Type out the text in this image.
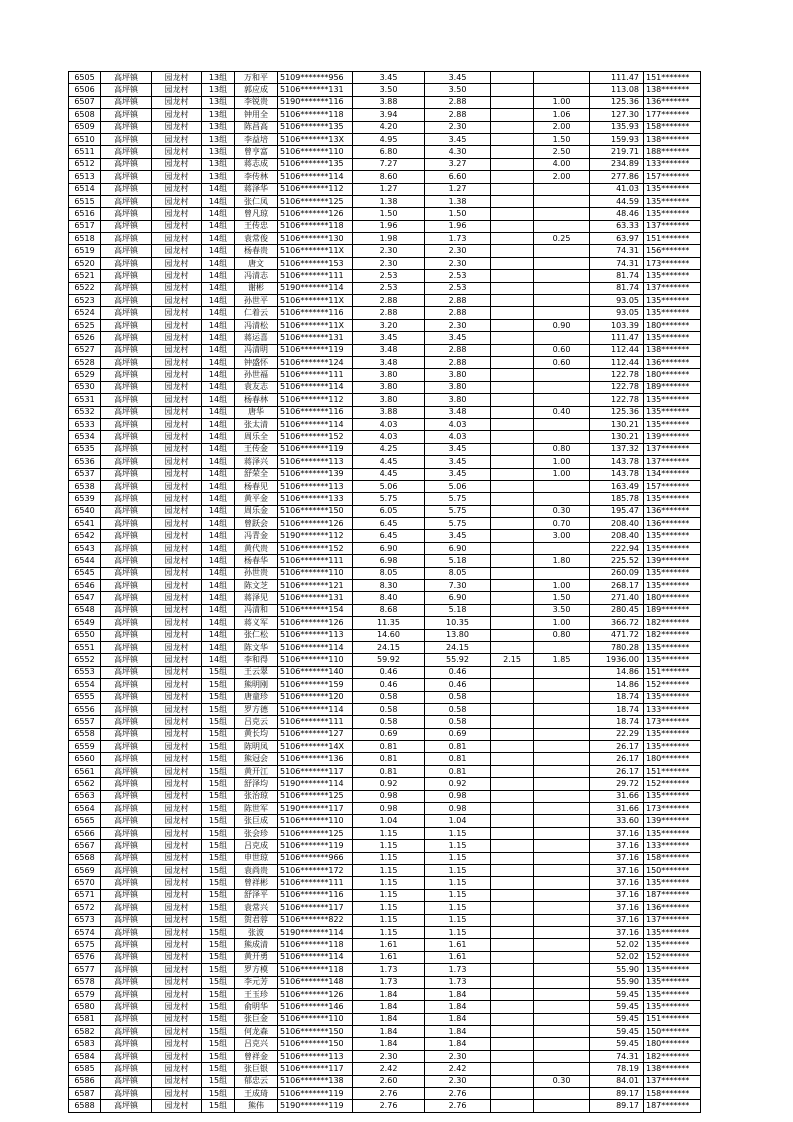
6505	高坪镇	园龙村	13组	万和平	5109*******956	3.45	3.45			111.47	151*******
6506	高坪镇	园龙村	13组	郭应成	5106*******131	3.50	3.50			113.08	138*******
6507	高坪镇	园龙村	13组	李锐贵	5190*******116	3.88	2.88		1.00	125.36	136*******
6508	高坪镇	园龙村	13组	钟用全	5106*******118	3.94	2.88		1.06	127.30	177*******
6509	高坪镇	园龙村	13组	陈昌高	5106*******135	4.20	2.30		2.00	135.93	158*******
6510	高坪镇	园龙村	13组	李益培	5106*******13X	4.95	3.45		1.50	159.93	138*******
6511	高坪镇	园龙村	13组	曾亨富	5106*******110	6.80	4.30		2.50	219.71	188*******
6512	高坪镇	园龙村	13组	蒋志成	5106*******135	7.27	3.27		4.00	234.89	133*******
6513	高坪镇	园龙村	13组	李传林	5106*******114	8.60	6.60		2.00	277.86	157*******
6514	高坪镇	园龙村	14组	蒋泽华	5106*******112	1.27	1.27			41.03	135*******
6515	高坪镇	园龙村	14组	张仁凤	5106*******125	1.38	1.38			44.59	135*******
6516	高坪镇	园龙村	14组	曾凡琼	5106*******126	1.50	1.50			48.46	135*******
6517	高坪镇	园龙村	14组	王传忠	5106*******118	1.96	1.96			63.33	137*******
6518	高坪镇	园龙村	14组	袁常俊	5106*******130	1.98	1.73		0.25	63.97	151*******
6519	高坪镇	园龙村	14组	杨春贵	5106*******11X	2.30	2.30			74.31	156*******
6520	高坪镇	园龙村	14组	唐文	5106*******153	2.30	2.30			74.31	173*******
6521	高坪镇	园龙村	14组	冯清志	5106*******111	2.53	2.53			81.74	135*******
6522	高坪镇	园龙村	14组	谢彬	5190*******114	2.53	2.53			81.74	137*******
6523	高坪镇	园龙村	14组	孙世平	5106*******11X	2.88	2.88			93.05	135*******
6524	高坪镇	园龙村	14组	仁着云	5106*******116	2.88	2.88			93.05	135*******
6525	高坪镇	园龙村	14组	冯清松	5106*******11X	3.20	2.30		0.90	103.39	180*******
6526	高坪镇	园龙村	14组	蒋运喜	5106*******131	3.45	3.45			111.47	135*******
6527	高坪镇	园龙村	14组	冯清明	5106*******119	3.48	2.88		0.60	112.44	138*******
6528	高坪镇	园龙村	14组	钟盛怀	5106*******124	3.48	2.88		0.60	112.44	136*******
6529	高坪镇	园龙村	14组	孙世福	5106*******111	3.80	3.80			122.78	180*******
6530	高坪镇	园龙村	14组	袁友志	5106*******114	3.80	3.80			122.78	189*******
6531	高坪镇	园龙村	14组	杨春林	5106*******112	3.80	3.80			122.78	135*******
6532	高坪镇	园龙村	14组	唐华	5106*******116	3.88	3.48		0.40	125.36	135*******
6533	高坪镇	园龙村	14组	张太清	5106*******114	4.03	4.03			130.21	135*******
6534	高坪镇	园龙村	14组	周乐全	5106*******152	4.03	4.03			130.21	139*******
6535	高坪镇	园龙村	14组	王传金	5106*******119	4.25	3.45		0.80	137.32	137*******
6536	高坪镇	园龙村	14组	蒋泽兴	5106*******113	4.45	3.45		1.00	143.78	137*******
6537	高坪镇	园龙村	14组	舒荣全	5106*******139	4.45	3.45		1.00	143.78	134*******
6538	高坪镇	园龙村	14组	杨春见	5106*******113	5.06	5.06			163.49	157*******
6539	高坪镇	园龙村	14组	黄平金	5106*******133	5.75	5.75			185.78	135*******
6540	高坪镇	园龙村	14组	周乐金	5106*******150	6.05	5.75		0.30	195.47	136*******
6541	高坪镇	园龙村	14组	曾跃会	5106*******126	6.45	5.75		0.70	208.40	136*******
6542	高坪镇	园龙村	14组	冯青金	5190*******112	6.45	3.45		3.00	208.40	135*******
6543	高坪镇	园龙村	14组	黄代贵	5106*******152	6.90	6.90			222.94	135*******
6544	高坪镇	园龙村	14组	杨春华	5106*******111	6.98	5.18		1.80	225.52	139*******
6545	高坪镇	园龙村	14组	孙世贵	5106*******110	8.05	8.05			260.09	135*******
6546	高坪镇	园龙村	14组	陈文芝	5106*******121	8.30	7.30		1.00	268.17	135*******
6547	高坪镇	园龙村	14组	蒋泽见	5106*******131	8.40	6.90		1.50	271.40	180*******
6548	高坪镇	园龙村	14组	冯清和	5106*******154	8.68	5.18		3.50	280.45	189*******
6549	高坪镇	园龙村	14组	蒋义军	5106*******126	11.35	10.35		1.00	366.72	182*******
6550	高坪镇	园龙村	14组	张仁松	5106*******113	14.60	13.80		0.80	471.72	182*******
6551	高坪镇	园龙村	14组	陈文华	5106*******114	24.15	24.15			780.28	135*******
6552	高坪镇	园龙村	14组	李和得	5106*******110	59.92	55.92	2.15	1.85	1936.00	135*******
6553	高坪镇	园龙村	15组	王云翠	5106*******140	0.46	0.46			14.86	151*******
6554	高坪镇	园龙村	15组	熊明刚	5106*******159	0.46	0.46			14.86	152*******
6555	高坪镇	园龙村	15组	唐童珍	5106*******120	0.58	0.58			18.74	135*******
6556	高坪镇	园龙村	15组	罗方德	5106*******114	0.58	0.58			18.74	133*******
6557	高坪镇	园龙村	15组	吕克云	5106*******111	0.58	0.58			18.74	173*******
6558	高坪镇	园龙村	15组	黄长均	5106*******127	0.69	0.69			22.29	135*******
6559	高坪镇	园龙村	15组	陈明凤	5106*******14X	0.81	0.81			26.17	135*******
6560	高坪镇	园龙村	15组	熊冠会	5106*******136	0.81	0.81			26.17	180*******
6561	高坪镇	园龙村	15组	黄开江	5106*******117	0.81	0.81			26.17	151*******
6562	高坪镇	园龙村	15组	舒泽均	5190*******114	0.92	0.92			29.72	152*******
6563	高坪镇	园龙村	15组	张治琼	5106*******125	0.98	0.98			31.66	135*******
6564	高坪镇	园龙村	15组	陈世军	5190*******117	0.98	0.98			31.66	173*******
6565	高坪镇	园龙村	15组	张巨成	5106*******110	1.04	1.04			33.60	139*******
6566	高坪镇	园龙村	15组	张会珍	5106*******125	1.15	1.15			37.16	135*******
6567	高坪镇	园龙村	15组	吕克成	5106*******119	1.15	1.15			37.16	133*******
6568	高坪镇	园龙村	15组	申世琼	5106*******966	1.15	1.15			37.16	158*******
6569	高坪镇	园龙村	15组	袁尚贵	5106*******172	1.15	1.15			37.16	150*******
6570	高坪镇	园龙村	15组	曾祥彬	5106*******111	1.15	1.15			37.16	135*******
6571	高坪镇	园龙村	15组	舒泽平	5106*******116	1.15	1.15			37.16	187*******
6572	高坪镇	园龙村	15组	袁常兴	5106*******117	1.15	1.15			37.16	136*******
6573	高坪镇	园龙村	15组	贺君蓉	5106*******822	1.15	1.15			37.16	137*******
6574	高坪镇	园龙村	15组	张波	5190*******114	1.15	1.15			37.16	135*******
6575	高坪镇	园龙村	15组	熊成清	5106*******118	1.61	1.61			52.02	135*******
6576	高坪镇	园龙村	15组	黄开勇	5106*******114	1.61	1.61			52.02	152*******
6577	高坪镇	园龙村	15组	罗方模	5106*******118	1.73	1.73			55.90	135*******
6578	高坪镇	园龙村	15组	李元芳	5106*******148	1.73	1.73			55.90	135*******
6579	高坪镇	园龙村	15组	王玉珍	5106*******126	1.84	1.84			59.45	135*******
6580	高坪镇	园龙村	15组	俞明华	5106*******146	1.84	1.84			59.45	135*******
6581	高坪镇	园龙村	15组	张巨金	5106*******110	1.84	1.84			59.45	151*******
6582	高坪镇	园龙村	15组	何龙森	5106*******150	1.84	1.84			59.45	150*******
6583	高坪镇	园龙村	15组	吕克兴	5106*******150	1.84	1.84			59.45	180*******
6584	高坪镇	园龙村	15组	曾祥金	5106*******113	2.30	2.30			74.31	182*******
6585	高坪镇	园龙村	15组	张巨银	5106*******117	2.42	2.42			78.19	138*******
6586	高坪镇	园龙村	15组	郁忠云	5106*******138	2.60	2.30		0.30	84.01	137*******
6587	高坪镇	园龙村	15组	王成琦	5106*******119	2.76	2.76			89.17	158*******
6588	高坪镇	园龙村	15组	熊伟	5190*******119	2.76	2.76			89.17	187*******
